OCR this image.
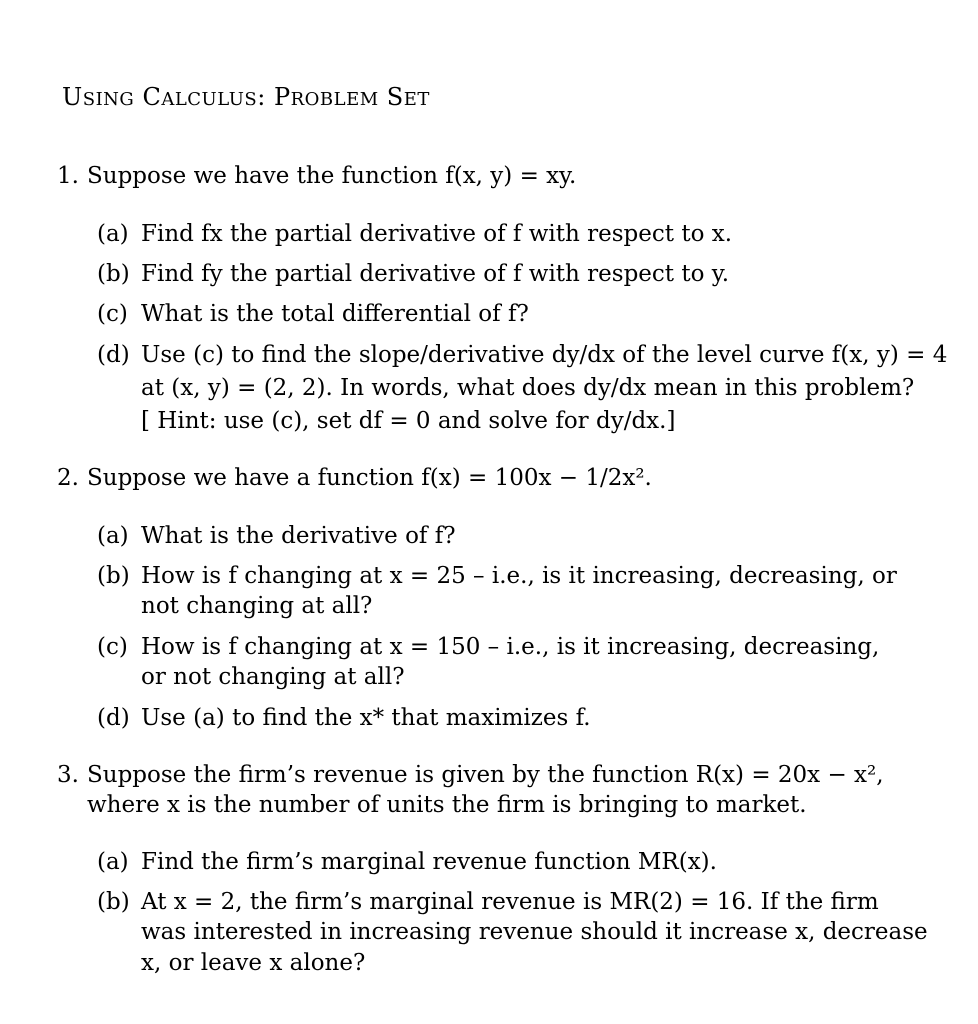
USING CALCULUS: PROBLEM SET
1. Suppose we have the function f(x, y) = xy.
(a) Find fx the partial derivative of f with respect to x.
(b) Find fy the partial derivative of f with respect to y.
(c) What is the total differential of f?
(d) Use (c) to find the slope/derivative dy/dx of the level curve f(x, y) = 4
at (x, y) = (2, 2). In words, what does dy/dx mean in this problem?
[ Hint: use (c), set df = 0 and solve for dy/dx.]
2. Suppose we have a function f(x) = 100x − 1/2x².
(a) What is the derivative of f?
(b) How is f changing at x = 25 – i.e., is it increasing, decreasing, or
not changing at all?
(c) How is f changing at x = 150 – i.e., is it increasing, decreasing,
or not changing at all?
(d) Use (a) to find the x* that maximizes f.
3. Suppose the firm’s revenue is given by the function R(x) = 20x − x²,
where x is the number of units the firm is bringing to market.
(a) Find the firm’s marginal revenue function MR(x).
(b) At x = 2, the firm’s marginal revenue is MR(2) = 16. If the firm
was interested in increasing revenue should it increase x, decrease
x, or leave x alone?
